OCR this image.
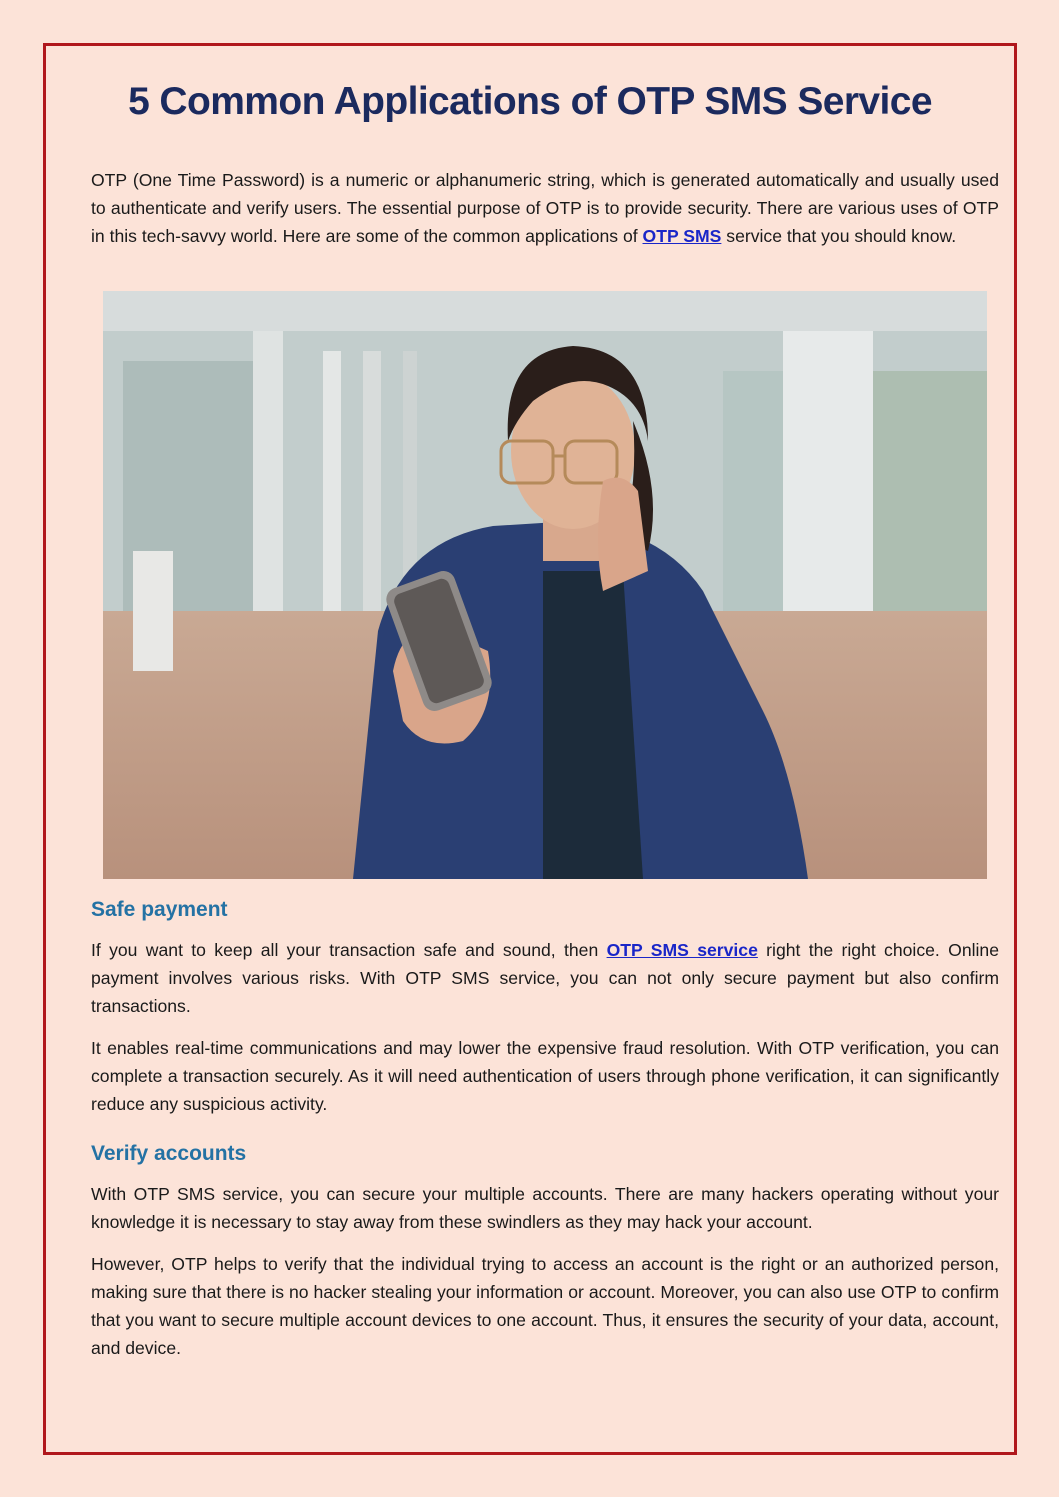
5 Common Applications of OTP SMS Service

OTP (One Time Password) is a numeric or alphanumeric string, which is generated automatically and usually used to authenticate and verify users. The essential purpose of OTP is to provide security. There are various uses of OTP in this tech-savvy world. Here are some of the common applications of OTP SMS service that you should know.

Safe payment

If you want to keep all your transaction safe and sound, then OTP SMS service right the right choice. Online payment involves various risks. With OTP SMS service, you can not only secure payment but also confirm transactions.

It enables real-time communications and may lower the expensive fraud resolution. With OTP verification, you can complete a transaction securely. As it will need authentication of users through phone verification, it can significantly reduce any suspicious activity.

Verify accounts

With OTP SMS service, you can secure your multiple accounts. There are many hackers operating without your knowledge it is necessary to stay away from these swindlers as they may hack your account.

However, OTP helps to verify that the individual trying to access an account is the right or an authorized person, making sure that there is no hacker stealing your information or account. Moreover, you can also use OTP to confirm that you want to secure multiple account devices to one account. Thus, it ensures the security of your data, account, and device.
